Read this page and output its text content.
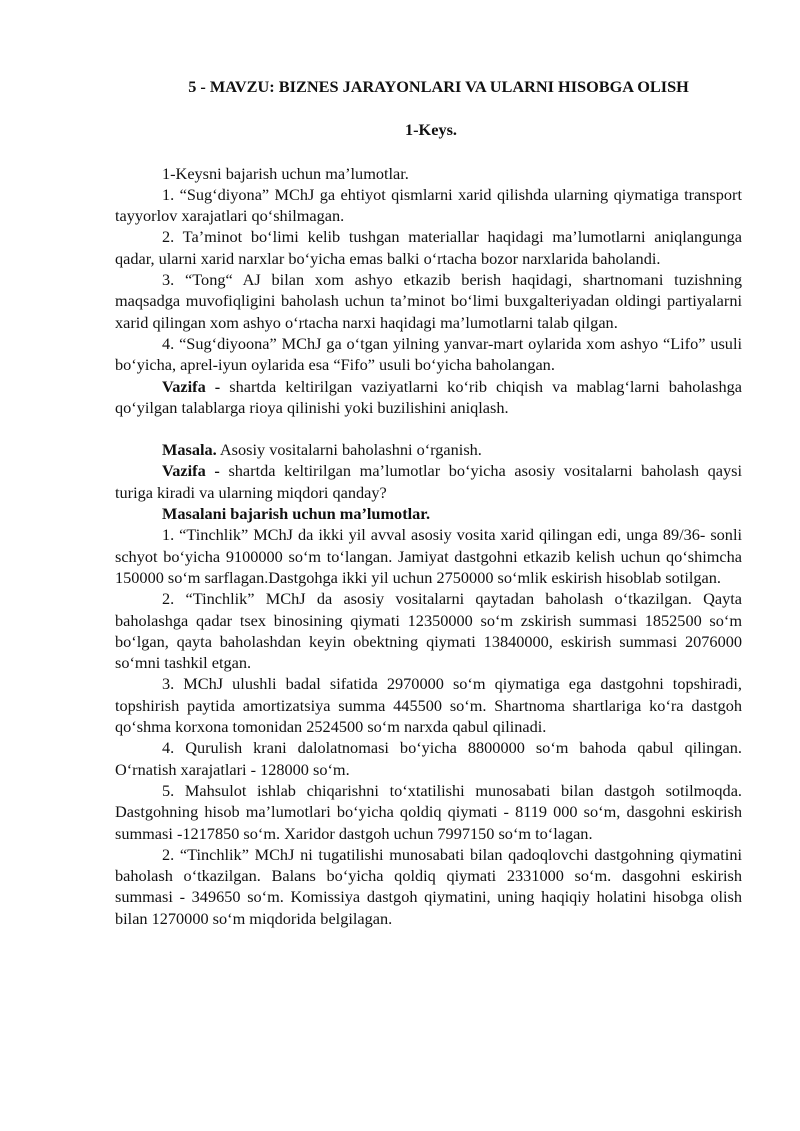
5 - MAVZU: BIZNES JARAYONLARI VA ULARNI HISOBGA OLISH

1-Keys.

1-Keysni bajarish uchun ma’lumotlar.

1. “Sug‘diyona” MChJ ga ehtiyot qismlarni xarid qilishda ularning qiymatiga transport tayyorlov xarajatlari qo‘shilmagan.

2. Ta’minot bo‘limi kelib tushgan materiallar haqidagi ma’lumotlarni aniqlangunga qadar, ularni xarid narxlar bo‘yicha emas balki o‘rtacha bozor narxlarida baholandi.

3. “Tong“ AJ bilan xom ashyo etkazib berish haqidagi, shartnomani tuzishning maqsadga muvofiqligini baholash uchun ta’minot bo‘limi buxgalteriyadan oldingi partiyalarni xarid qilingan xom ashyo o‘rtacha narxi haqidagi ma’lumotlarni talab qilgan.

4. “Sug‘diyoona” MChJ ga o‘tgan yilning yanvar-mart oylarida xom ashyo “Lifo” usuli bo‘yicha, aprel-iyun oylarida esa “Fifo” usuli bo‘yicha baholangan.

Vazifa - shartda keltirilgan vaziyatlarni ko‘rib chiqish va mablag‘larni baholashga qo‘yilgan talablarga rioya qilinishi yoki buzilishini aniqlash.

Masala. Asosiy vositalarni baholashni o‘rganish.

Vazifa - shartda keltirilgan ma’lumotlar bo‘yicha asosiy vositalarni baholash qaysi turiga kiradi va ularning miqdori qanday?

Masalani bajarish uchun ma’lumotlar.

1. “Tinchlik” MChJ da ikki yil avval asosiy vosita xarid qilingan edi, unga 89/36- sonli schyot bo‘yicha 9100000 so‘m to‘langan. Jamiyat dastgohni etkazib kelish uchun qo‘shimcha 150000 so‘m sarflagan.Dastgohga ikki yil uchun 2750000 so‘mlik eskirish hisoblab sotilgan.

2. “Tinchlik” MChJ da asosiy vositalarni qaytadan baholash o‘tkazilgan. Qayta baholashga qadar tsex binosining qiymati 12350000 so‘m zskirish summasi 1852500 so‘m bo‘lgan, qayta baholashdan keyin obektning qiymati 13840000, eskirish summasi 2076000 so‘mni tashkil etgan.

3. MChJ ulushli badal sifatida 2970000 so‘m qiymatiga ega dastgohni topshiradi, topshirish paytida amortizatsiya summa 445500 so‘m. Shartnoma shartlariga ko‘ra dastgoh qo‘shma korxona tomonidan 2524500 so‘m narxda qabul qilinadi.

4. Qurulish krani dalolatnomasi bo‘yicha 8800000 so‘m bahoda qabul qilingan. O‘rnatish xarajatlari - 128000 so‘m.

5. Mahsulot ishlab chiqarishni to‘xtatilishi munosabati bilan dastgoh sotilmoqda. Dastgohning hisob ma’lumotlari bo‘yicha qoldiq qiymati - 8119 000 so‘m, dasgohni eskirish summasi -1217850 so‘m. Xaridor dastgoh uchun 7997150 so‘m to‘lagan.

2. “Tinchlik” MChJ ni tugatilishi munosabati bilan qadoqlovchi dastgohning qiymatini baholash o‘tkazilgan. Balans bo‘yicha qoldiq qiymati 2331000 so‘m. dasgohni eskirish summasi - 349650 so‘m. Komissiya dastgoh qiymatini, uning haqiqiy holatini hisobga olish bilan 1270000 so‘m miqdorida belgilagan.
